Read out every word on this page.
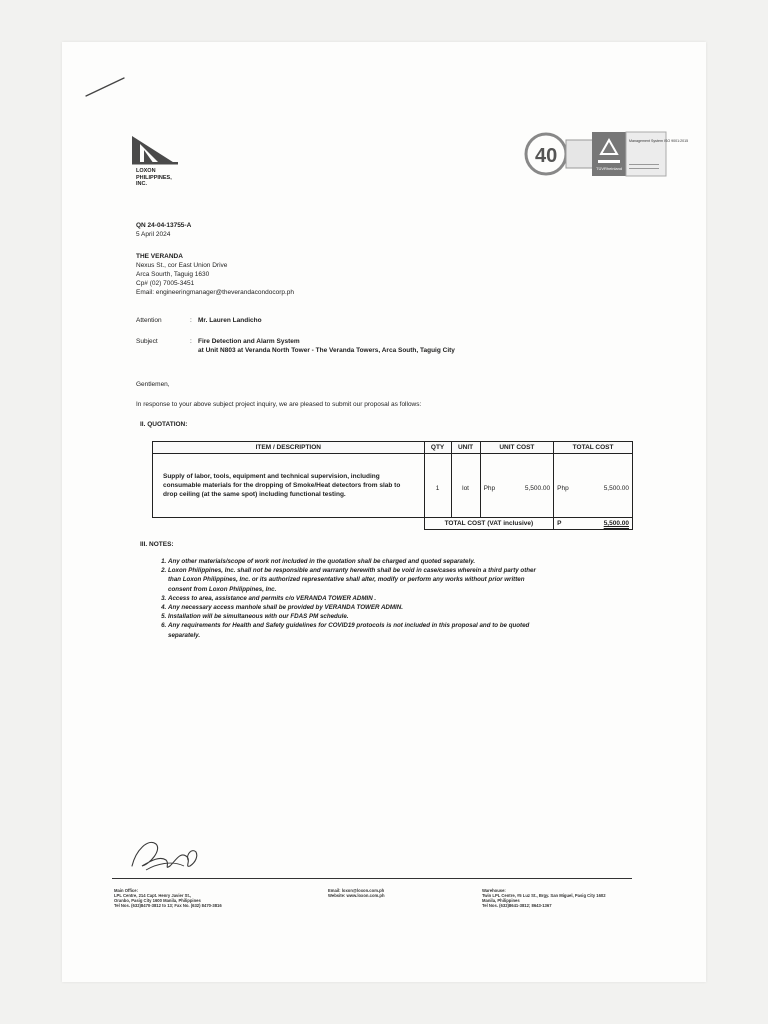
LOXON PHILIPPINES, INC.
40
TÜVRheinland
Management System ISO 9001:2015
QN 24-04-13755-A
5 April 2024
THE VERANDA
Nexus St., cor East Union Drive
Arca Sourth, Taguig 1630
Cp# (02) 7005-3451
Email: engineeringmanager@theverandacondocorp.ph
Attention	: Mr. Lauren Landicho
Subject	: Fire Detection and Alarm System
at Unit N803 at Veranda North Tower - The Veranda Towers, Arca South, Taguig City
Gentlemen,
In response to your above subject project inquiry, we are pleased to submit our proposal as follows:
II. QUOTATION:
ITEM / DESCRIPTION	QTY	UNIT	UNIT COST	TOTAL COST
Supply of labor, tools, equipment and technical supervision, including consumable materials for the dropping of Smoke/Heat detectors from slab to drop ceiling (at the same spot) including functional testing.	1	lot	Php 5,500.00	Php 5,500.00

	TOTAL COST (VAT inclusive)			P 5,500.00
III. NOTES:
1. Any other materials/scope of work not included in the quotation shall be charged and quoted separately.
2. Loxon Philippines, Inc. shall not be responsible and warranty herewith shall be void in case/cases wherein a third party other than Loxon Philippines, Inc. or its authorized representative shall alter, modify or perform any works without prior written consent from Loxon Philippines, Inc.
3. Access to area, assistance and permits c/o VERANDA TOWER ADMIN .
4. Any necessary access manhole shall be provided by VERANDA TOWER ADMIN.
5. Installation will be simultaneous with our FDAS PM schedule.
6. Any requirements for Health and Safety guidelines for COVID19 protocols is not included in this proposal and to be quoted separately.
Main Office:
LPL Centre, 214 Capt. Henry Javier St.,
Oranbo, Pasig City 1600 Manila, Philippines
Tel Nos. (632)8470-3812 to 13; Fax No. (632) 8470-3816
Email: loxon@loxon.com.ph
Website: www.loxon.com.ph
Warehouse:
Twin LPL Centre, #5 Luz St., Brgy. San Miguel, Pasig City 1602
Manila, Philippines
Tel Nos. (632)8641-3812; 8643-1367
